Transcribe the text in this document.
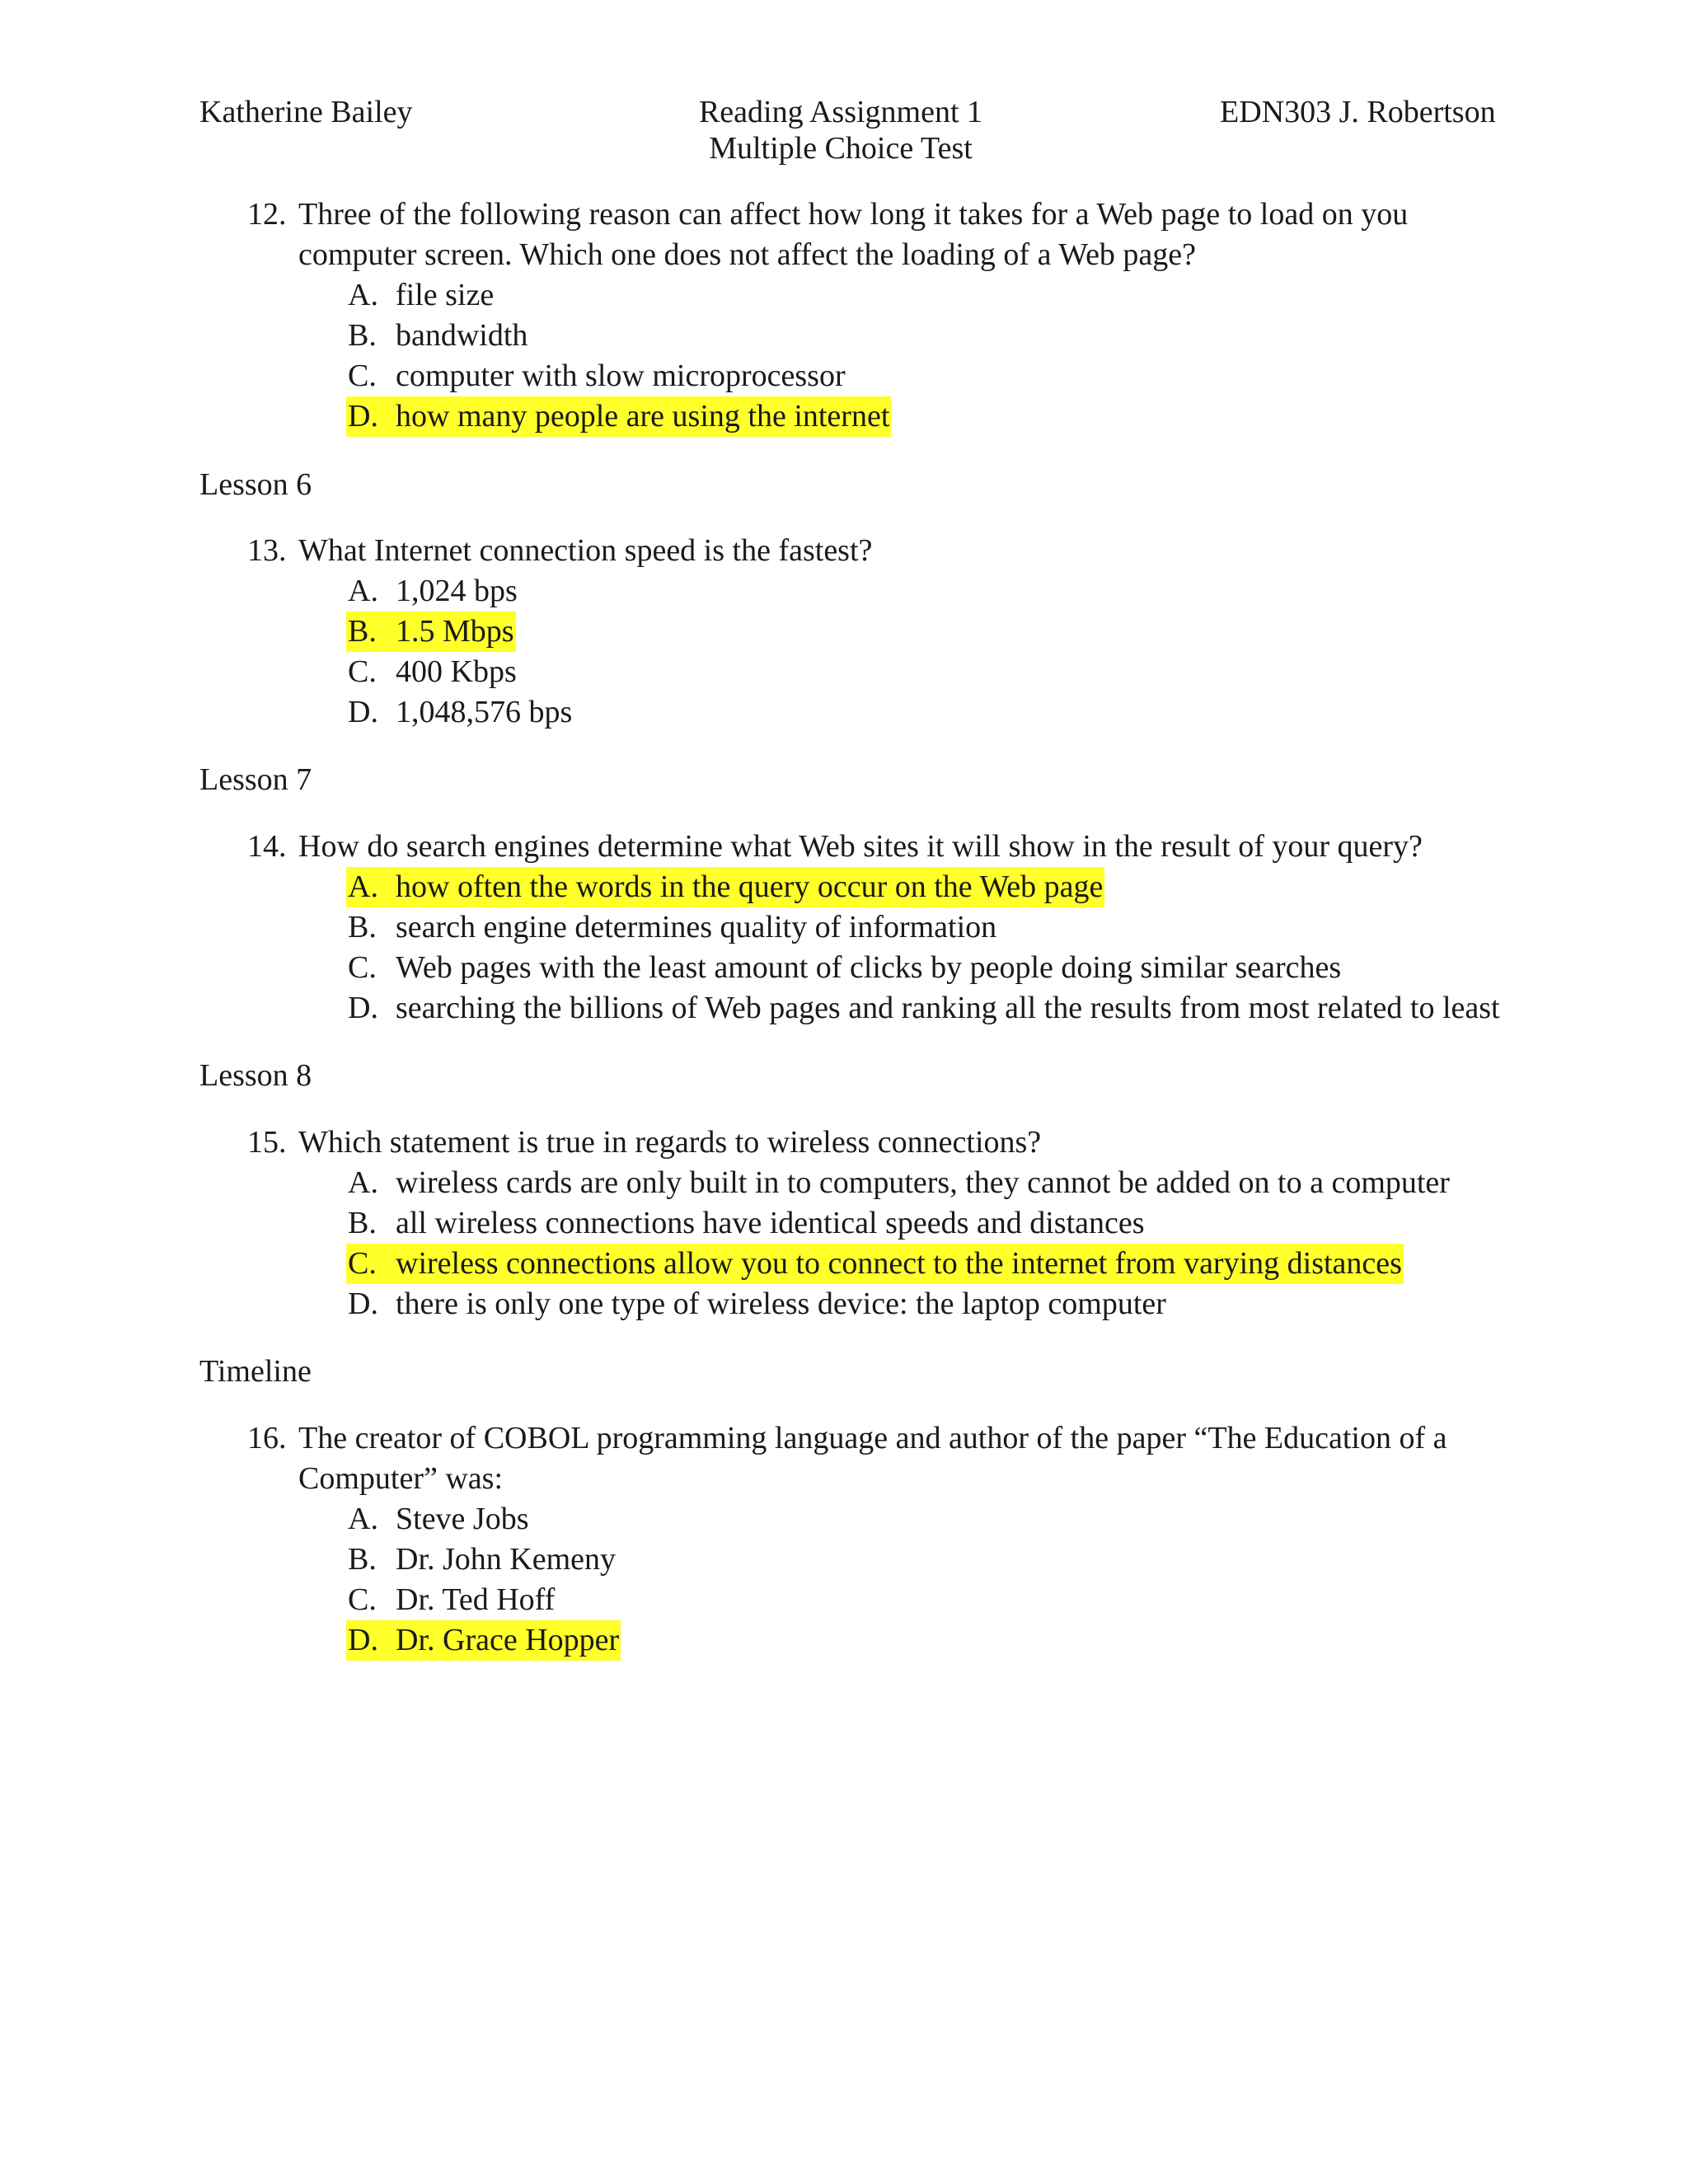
Katherine Bailey	Reading Assignment 1
Multiple Choice Test
EDN303 J. Robertson
12. Three of the following reason can affect how long it takes for a Web page to load on you computer screen. Which one does not affect the loading of a Web page?
A. file size
B. bandwidth
C. computer with slow microprocessor
D. how many people are using the internet
Lesson 6
13. What Internet connection speed is the fastest?
A. 1,024 bps
B. 1.5 Mbps
C. 400 Kbps
D. 1,048,576 bps
Lesson 7
14. How do search engines determine what Web sites it will show in the result of your query?
A. how often the words in the query occur on the Web page
B. search engine determines quality of information
C. Web pages with the least amount of clicks by people doing similar searches
D. searching the billions of Web pages and ranking all the results from most related to least
Lesson 8
15. Which statement is true in regards to wireless connections?
A. wireless cards are only built in to computers, they cannot be added on to a computer
B. all wireless connections have identical speeds and distances
C. wireless connections allow you to connect to the internet from varying distances
D. there is only one type of wireless device: the laptop computer
Timeline
16. The creator of COBOL programming language and author of the paper “The Education of a Computer” was:
A. Steve Jobs
B. Dr. John Kemeny
C. Dr. Ted Hoff
D. Dr. Grace Hopper
